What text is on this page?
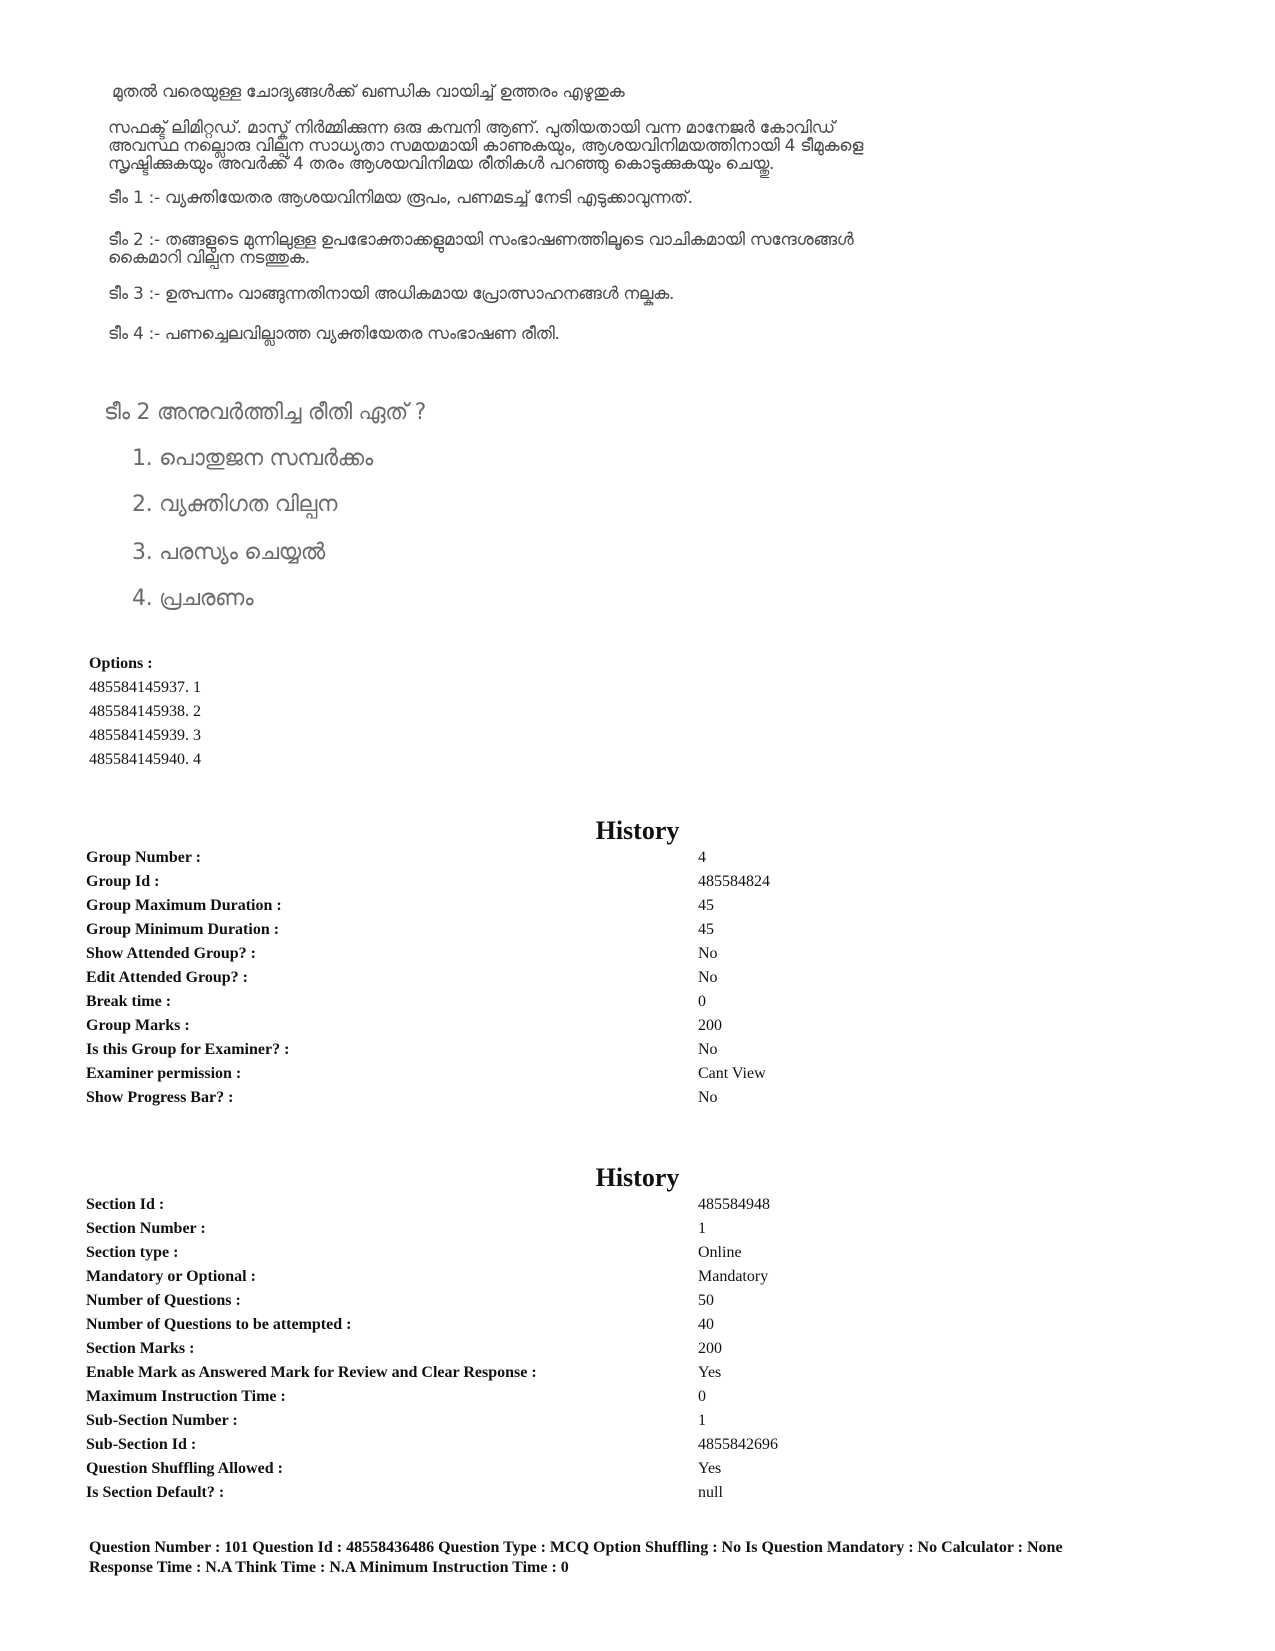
മുതൽ വരെയുള്ള ചോദ്യങ്ങൾക്ക് ഖണ്ഡിക വായിച്ച് ഉത്തരം എഴുതുക
സഫക്ട് ലിമിറ്റഡ്. മാസ്ക് നിർമ്മിക്കുന്ന ഒരു കമ്പനി ആണ്. പുതിയതായി വന്ന മാനേജർ കോവിഡ്
അവസ്ഥ നല്ലൊരു വില്പന സാധ്യതാ സമയമായി കാണുകയും, ആശയവിനിമയത്തിനായി 4 ടീമുകളെ
സൃഷ്ടിക്കുകയും അവർക്ക് 4 തരം ആശയവിനിമയ രീതികൾ പറഞ്ഞു കൊടുക്കുകയും ചെയ്തു.
ടീം 1 :- വ്യക്തിയേതര ആശയവിനിമയ രൂപം, പണമടച്ച് നേടി എടുക്കാവുന്നത്.
ടീം 2 :- തങ്ങളുടെ മുന്നിലുള്ള ഉപഭോക്താക്കളുമായി സംഭാഷണത്തിലൂടെ വാചികമായി സന്ദേശങ്ങൾ
കൈമാറി വില്പന നടത്തുക.
ടീം 3 :- ഉത്പന്നം വാങ്ങുന്നതിനായി അധികമായ പ്രോത്സാഹനങ്ങൾ നല്കുക.
ടീം 4 :- പണച്ചെലവില്ലാത്ത വ്യക്തിയേതര സംഭാഷണ രീതി.
ടീം 2 അനുവർത്തിച്ച രീതി ഏത് ?
1. പൊതുജന സമ്പർക്കം
2. വ്യക്തിഗത വില്പന
3. പരസ്യം ചെയ്യൽ
4. പ്രചരണം
Options :
485584145937. 1
485584145938. 2
485584145939. 3
485584145940. 4
History
Group Number :	4
Group Id :	485584824
Group Maximum Duration :	45
Group Minimum Duration :	45
Show Attended Group? :	No
Edit Attended Group? :	No
Break time :	0
Group Marks :	200
Is this Group for Examiner? :	No
Examiner permission :	Cant View
Show Progress Bar? :	No
History
Section Id :	485584948
Section Number :	1
Section type :	Online
Mandatory or Optional :	Mandatory
Number of Questions :	50
Number of Questions to be attempted :	40
Section Marks :	200
Enable Mark as Answered Mark for Review and Clear Response :	Yes
Maximum Instruction Time :	0
Sub-Section Number :	1
Sub-Section Id :	4855842696
Question Shuffling Allowed :	Yes
Is Section Default? :	null
Question Number : 101 Question Id : 48558436486 Question Type : MCQ Option Shuffling : No Is Question Mandatory : No Calculator : None
Response Time : N.A Think Time : N.A Minimum Instruction Time : 0
